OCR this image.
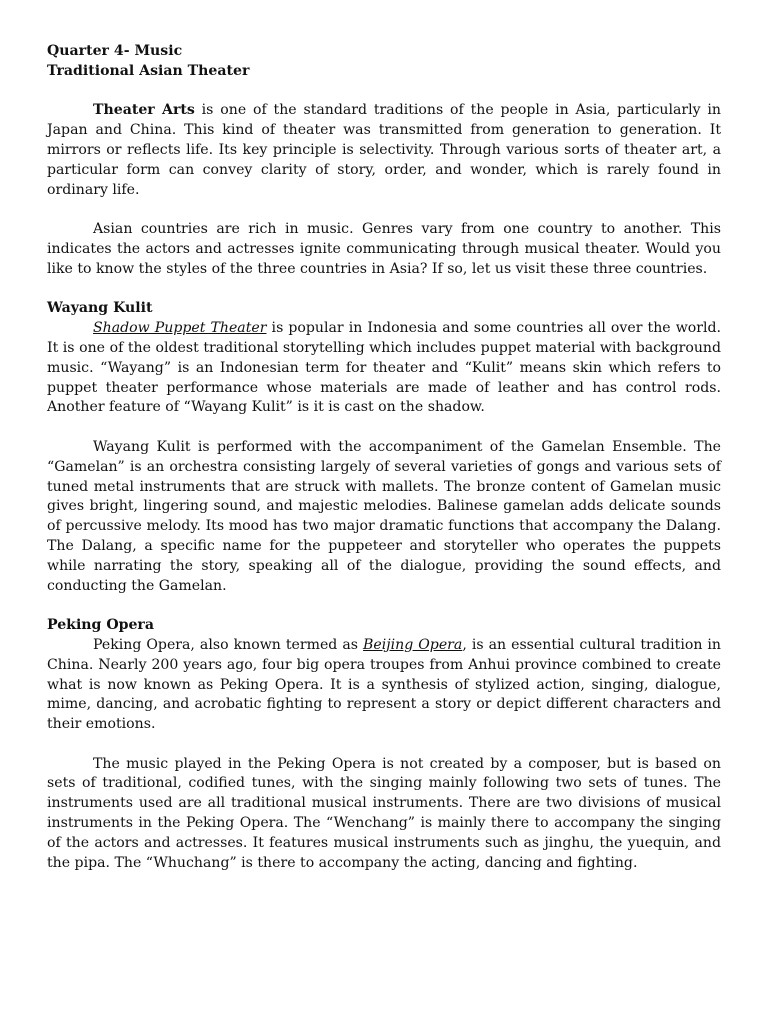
Quarter 4- Music
Traditional Asian Theater

Theater Arts is one of the standard traditions of the people in Asia, particularly in Japan and China. This kind of theater was transmitted from generation to generation. It mirrors or reflects life. Its key principle is selectivity. Through various sorts of theater art, a particular form can convey clarity of story, order, and wonder, which is rarely found in ordinary life.

Asian countries are rich in music. Genres vary from one country to another. This indicates the actors and actresses ignite communicating through musical theater. Would you like to know the styles of the three countries in Asia? If so, let us visit these three countries.

Wayang Kulit

Shadow Puppet Theater is popular in Indonesia and some countries all over the world. It is one of the oldest traditional storytelling which includes puppet material with background music. “Wayang” is an Indonesian term for theater and “Kulit” means skin which refers to puppet theater performance whose materials are made of leather and has control rods. Another feature of “Wayang Kulit” is it is cast on the shadow.

Wayang Kulit is performed with the accompaniment of the Gamelan Ensemble. The “Gamelan” is an orchestra consisting largely of several varieties of gongs and various sets of tuned metal instruments that are struck with mallets. The bronze content of Gamelan music gives bright, lingering sound, and majestic melodies. Balinese gamelan adds delicate sounds of percussive melody. Its mood has two major dramatic functions that accompany the Dalang. The Dalang, a specific name for the puppeteer and storyteller who operates the puppets while narrating the story, speaking all of the dialogue, providing the sound effects, and conducting the Gamelan.

Peking Opera

Peking Opera, also known termed as Beijing Opera, is an essential cultural tradition in China. Nearly 200 years ago, four big opera troupes from Anhui province combined to create what is now known as Peking Opera. It is a synthesis of stylized action, singing, dialogue, mime, dancing, and acrobatic fighting to represent a story or depict different characters and their emotions.

The music played in the Peking Opera is not created by a composer, but is based on sets of traditional, codified tunes, with the singing mainly following two sets of tunes. The instruments used are all traditional musical instruments. There are two divisions of musical instruments in the Peking Opera. The “Wenchang” is mainly there to accompany the singing of the actors and actresses. It features musical instruments such as jinghu, the yuequin, and the pipa. The “Whuchang” is there to accompany the acting, dancing and fighting.
